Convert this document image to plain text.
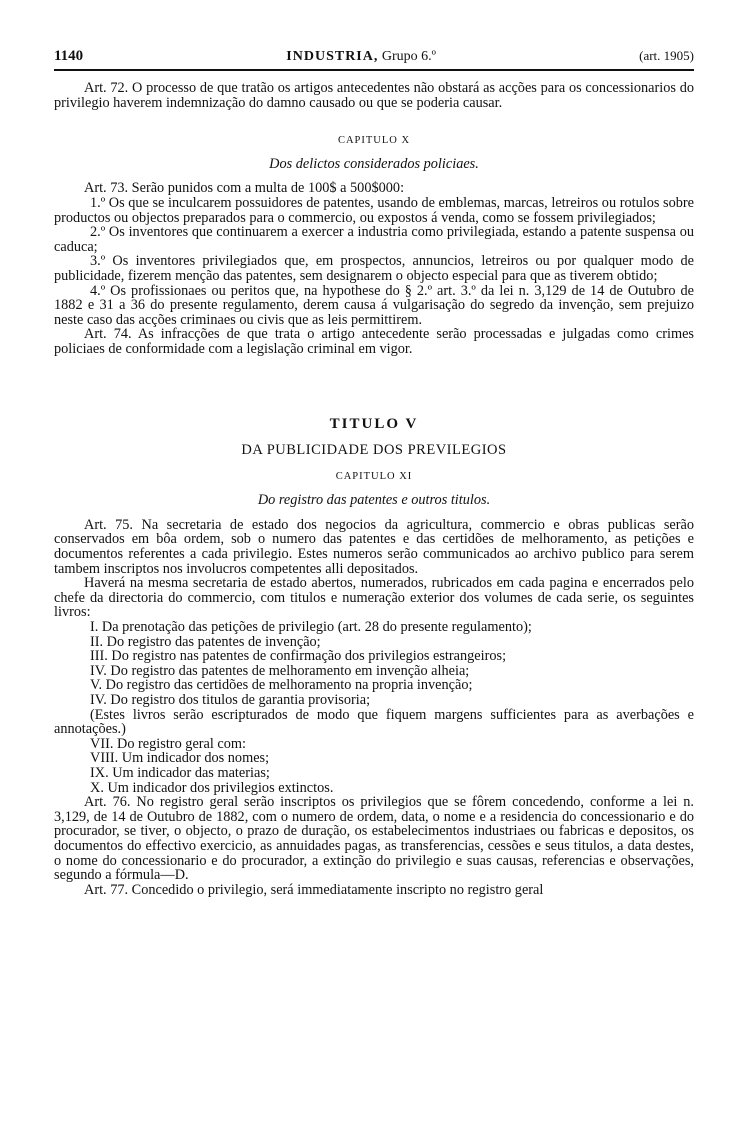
1140	INDUSTRIA, Grupo 6.º	(art. 1905)

Art. 72. O processo de que tratão os artigos antecedentes não obstará as acções para os concessionarios do privilegio haverem indemnização do damno causado ou que se poderia causar.

CAPITULO X

Dos delictos considerados policiaes.

Art. 73. Serão punidos com a multa de 100$ a 500$000:

1.º Os que se inculcarem possuidores de patentes, usando de emblemas, marcas, letreiros ou rotulos sobre productos ou objectos preparados para o commercio, ou expostos á venda, como se fossem privilegiados;

2.º Os inventores que continuarem a exercer a industria como privilegiada, estando a patente suspensa ou caduca;

3.º Os inventores privilegiados que, em prospectos, annuncios, letreiros ou por qualquer modo de publicidade, fizerem menção das patentes, sem designarem o objecto especial para que as tiverem obtido;

4.º Os profissionaes ou peritos que, na hypothese do § 2.º art. 3.º da lei n. 3,129 de 14 de Outubro de 1882 e 31 a 36 do presente regulamento, derem causa á vulgarisação do segredo da invenção, sem prejuizo neste caso das acções criminaes ou civis que as leis permittirem.

Art. 74. As infracções de que trata o artigo antecedente serão processadas e julgadas como crimes policiaes de conformidade com a legislação criminal em vigor.

TITULO V

DA PUBLICIDADE DOS PREVILEGIOS

CAPITULO XI

Do registro das patentes e outros titulos.

Art. 75. Na secretaria de estado dos negocios da agricultura, commercio e obras publicas serão conservados em bôa ordem, sob o numero das patentes e das certidões de melhoramento, as petições e documentos referentes a cada privilegio. Estes numeros serão communicados ao archivo publico para serem tambem inscriptos nos involucros competentes alli depositados.

Haverá na mesma secretaria de estado abertos, numerados, rubricados em cada pagina e encerrados pelo chefe da directoria do commercio, com titulos e numeração exterior dos volumes de cada serie, os seguintes livros:

I. Da prenotação das petições de privilegio (art. 28 do presente regulamento);

II. Do registro das patentes de invenção;

III. Do registro nas patentes de confirmação dos privilegios estrangeiros;

IV. Do registro das patentes de melhoramento em invenção alheia;

V. Do registro das certidões de melhoramento na propria invenção;

IV. Do registro dos titulos de garantia provisoria;

(Estes livros serão escripturados de modo que fiquem margens sufficientes para as averbações e annotações.)

VII. Do registro geral com:

VIII. Um indicador dos nomes;

IX. Um indicador das materias;

X. Um indicador dos privilegios extinctos.

Art. 76. No registro geral serão inscriptos os privilegios que se fôrem concedendo, conforme a lei n. 3,129, de 14 de Outubro de 1882, com o numero de ordem, data, o nome e a residencia do concessionario e do procurador, se tiver, o objecto, o prazo de duração, os estabelecimentos industriaes ou fabricas e depositos, os documentos do effectivo exercicio, as annuidades pagas, as transferencias, cessões e seus titulos, a data destes, o nome do concessionario e do procurador, a extinção do privilegio e suas causas, referencias e observações, segundo a fórmula—D.

Art. 77. Concedido o privilegio, será immediatamente inscripto no registro geral
